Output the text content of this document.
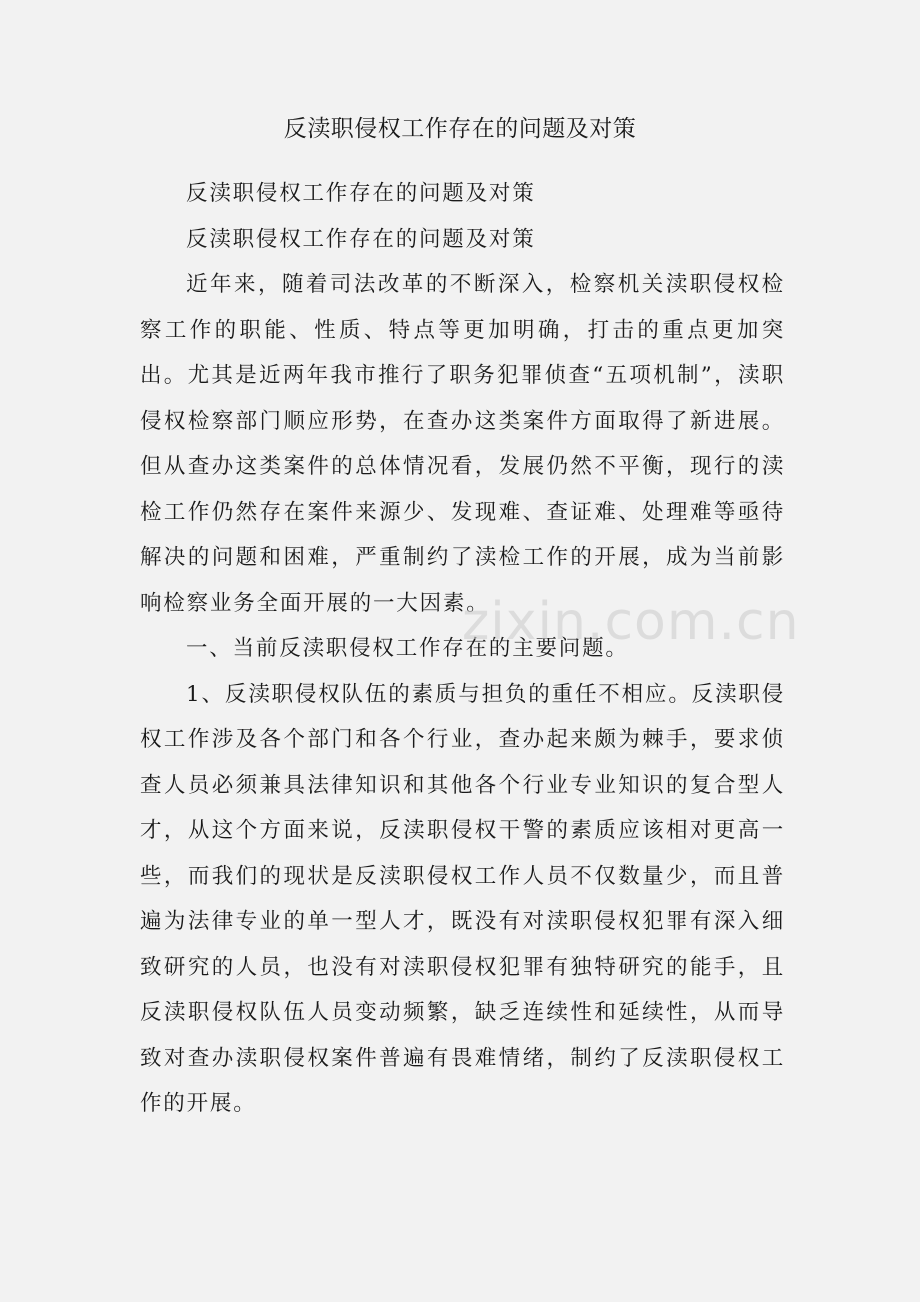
反渎职侵权工作存在的问题及对策

反渎职侵权工作存在的问题及对策

反渎职侵权工作存在的问题及对策

近年来，随着司法改革的不断深入，检察机关渎职侵权检察工作的职能、性质、特点等更加明确，打击的重点更加突出。尤其是近两年我市推行了职务犯罪侦查“五项机制”，渎职侵权检察部门顺应形势，在查办这类案件方面取得了新进展。但从查办这类案件的总体情况看，发展仍然不平衡，现行的渎检工作仍然存在案件来源少、发现难、查证难、处理难等亟待解决的问题和困难，严重制约了渎检工作的开展，成为当前影响检察业务全面开展的一大因素。

一、当前反渎职侵权工作存在的主要问题。

1、反渎职侵权队伍的素质与担负的重任不相应。反渎职侵权工作涉及各个部门和各个行业，查办起来颇为棘手，要求侦查人员必须兼具法律知识和其他各个行业专业知识的复合型人才，从这个方面来说，反渎职侵权干警的素质应该相对更高一些，而我们的现状是反渎职侵权工作人员不仅数量少，而且普遍为法律专业的单一型人才，既没有对渎职侵权犯罪有深入细致研究的人员，也没有对渎职侵权犯罪有独特研究的能手，且反渎职侵权队伍人员变动频繁，缺乏连续性和延续性，从而导致对查办渎职侵权案件普遍有畏难情绪，制约了反渎职侵权工作的开展。

zixin.com.cn
